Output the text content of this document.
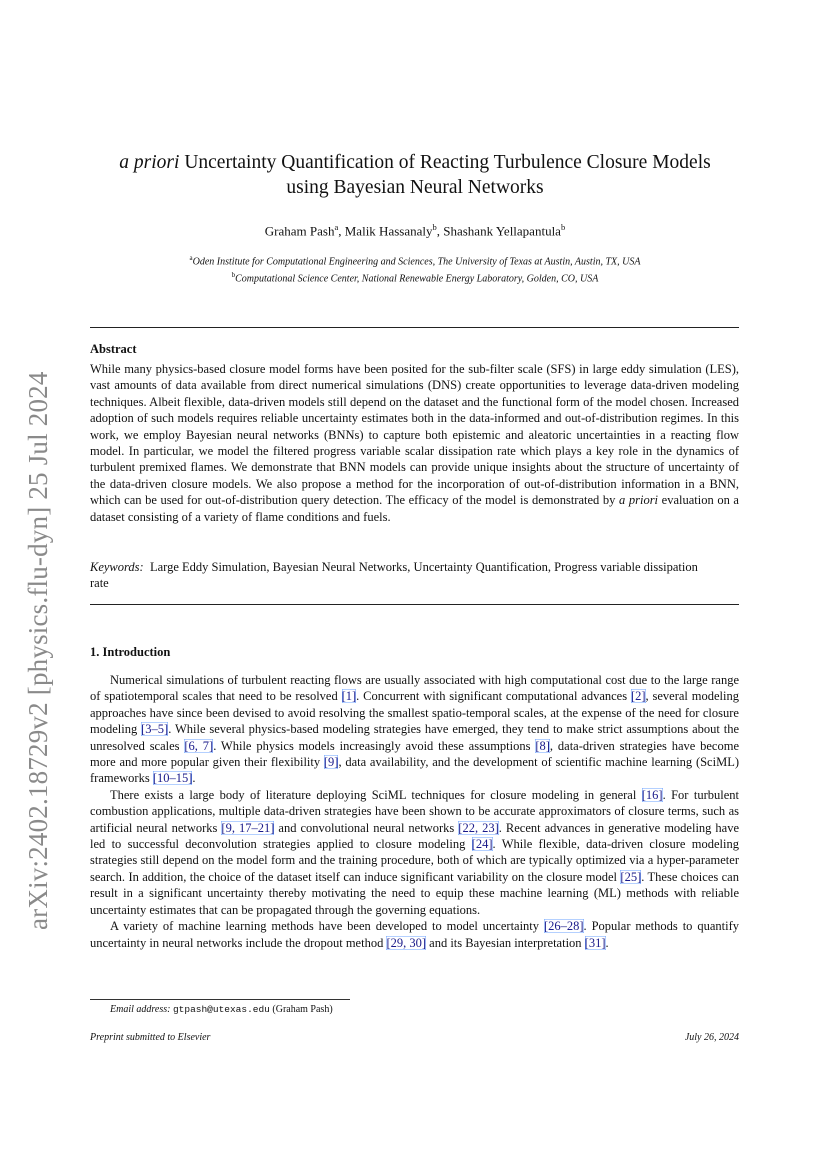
arXiv:2402.18729v2 [physics.flu-dyn] 25 Jul 2024
a priori Uncertainty Quantification of Reacting Turbulence Closure Models
using Bayesian Neural Networks
Graham Pash$^a$, Malik Hassanaly$^b$, Shashank Yellapantula$^b$
$^a$Oden Institute for Computational Engineering and Sciences, The University of Texas at Austin, Austin, TX, USA
$^b$Computational Science Center, National Renewable Energy Laboratory, Golden, CO, USA
Abstract
While many physics-based closure model forms have been posited for the sub-filter scale (SFS) in large eddy simulation (LES), vast amounts of data available from direct numerical simulations (DNS) create opportunities to leverage data-driven modeling techniques. Albeit flexible, data-driven models still depend on the dataset and the functional form of the model chosen. Increased adoption of such models requires reliable uncertainty estimates both in the data-informed and out-of-distribution regimes. In this work, we employ Bayesian neural networks (BNNs) to capture both epistemic and aleatoric uncertainties in a reacting flow model. In particular, we model the filtered progress variable scalar dissipation rate which plays a key role in the dynamics of turbulent premixed flames. We demonstrate that BNN models can provide unique insights about the structure of uncertainty of the data-driven closure models. We also propose a method for the incorporation of out-of-distribution information in a BNN, which can be used for out-of-distribution query detection. The efficacy of the model is demonstrated by a priori evaluation on a dataset consisting of a variety of flame conditions and fuels.
Keywords: Large Eddy Simulation, Bayesian Neural Networks, Uncertainty Quantification, Progress variable dissipation rate
1. Introduction

Numerical simulations of turbulent reacting flows are usually associated with high computational cost due to the large range of spatiotemporal scales that need to be resolved [1]. Concurrent with significant computational advances [2], several modeling approaches have since been devised to avoid resolving the smallest spatio-temporal scales, at the expense of the need for closure modeling [3–5]. While several physics-based modeling strategies have emerged, they tend to make strict assumptions about the unresolved scales [6, 7]. While physics models increasingly avoid these assumptions [8], data-driven strategies have become more and more popular given their flexibility [9], data availability, and the development of scientific machine learning (SciML) frameworks [10–15].

There exists a large body of literature deploying SciML techniques for closure modeling in general [16]. For turbulent combustion applications, multiple data-driven strategies have been shown to be accurate approximators of closure terms, such as artificial neural networks [9, 17–21] and convolutional neural networks [22, 23]. Recent advances in generative modeling have led to successful deconvolution strategies applied to closure modeling [24]. While flexible, data-driven closure modeling strategies still depend on the model form and the training procedure, both of which are typically optimized via a hyper-parameter search. In addition, the choice of the dataset itself can induce significant variability on the closure model [25]. These choices can result in a significant uncertainty thereby motivating the need to equip these machine learning (ML) methods with reliable uncertainty estimates that can be propagated through the governing equations.

A variety of machine learning methods have been developed to model uncertainty [26–28]. Popular methods to quantify uncertainty in neural networks include the dropout method [29, 30] and its Bayesian interpretation [31].

Email address: gtpash@utexas.edu (Graham Pash)
Preprint submitted to Elsevier	July 26, 2024
